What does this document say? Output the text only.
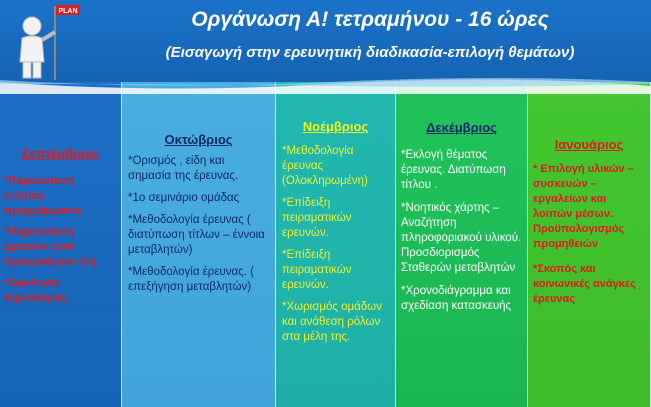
PLAN	Οργάνωση Α! τετραμήνου - 16 ώρες
(Εισαγωγή στην ερευνητική διαδικασία-επιλογή θεμάτων)
Σεπτέμβριος
*Παρουσίαση ετήσιου προγράμματος
*Παρουσίαση ερευνών από προηγούμενα έτη
*Ορολογία τεχνολογίας
Οκτώβριος
*Ορισμός , είδη και σημασία της έρευνας.
*1ο σεμινάριο ομάδας
*Μεθοδολογία έρευνας ( διατύπωση τίτλων – έννοια μεταβλητών)
*Μεθοδολογία έρευνας. ( επεξήγηση μεταβλητών)
Νοέμβριος
*Μεθοδολογία έρευνας (Ολοκληρωμένη)
*Επίδειξη πειραματικών ερευνών.
*Επίδειξη πειραματικών ερευνών.
*Χωρισμός ομάδων και ανάθεση ρόλων στα μέλη της.
Δεκέμβριος
*Εκλογή θέματος έρευνας. Διατύπωση τίτλου .
*Νοητικός χάρτης – Αναζήτηση πληροφοριακού υλικού. Προσδιορισμός Σταθερών μεταβλητών
*Χρονοδιάγραμμα και σχεδίαση κατασκευής
Ιανουάριος
* Επιλογή υλικών – συσκευών – εργαλείων και λοιπών μέσων. Προϋπολογισμός προμηθειών
*Σκοπός και κοινωνικές ανάγκες έρευνας
